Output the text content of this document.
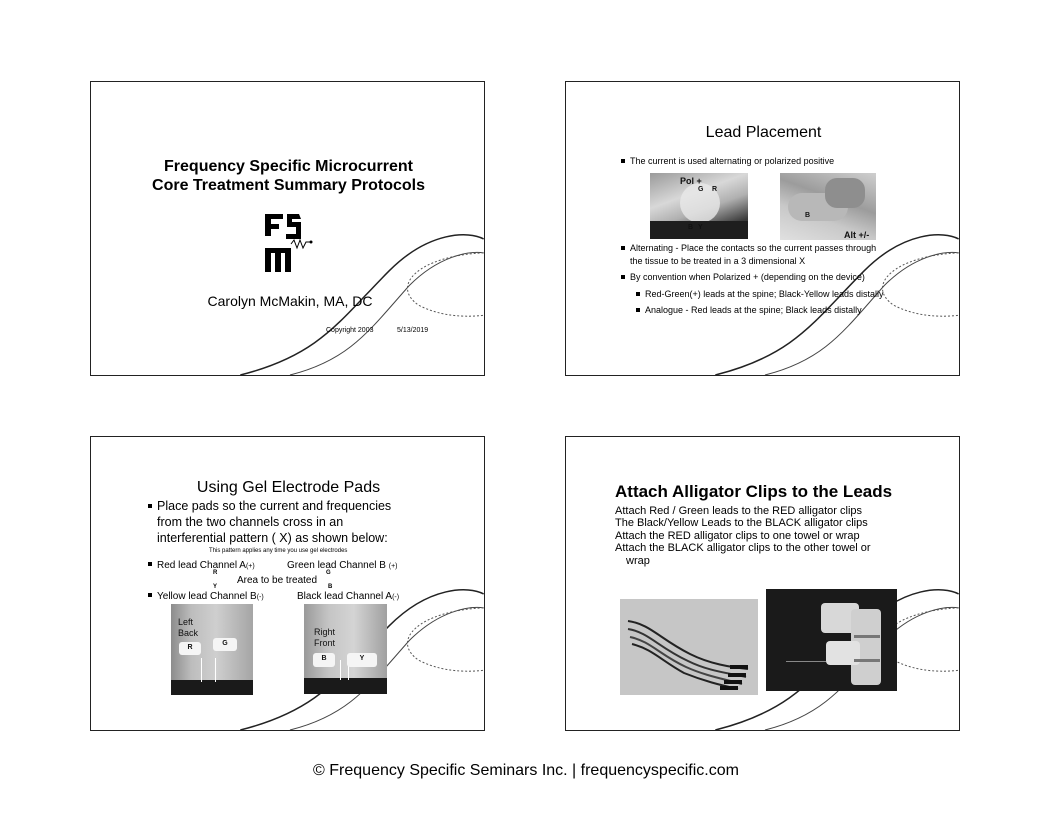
Frequency Specific Microcurrent
Core Treatment Summary Protocols
Carolyn McMakin, MA, DC
Copyright 2003	5/13/2019
Lead Placement
The current is used alternating or polarized positive
Pol +
G R
B Y
B
Alt +/-
Alternating - Place the contacts so the current passes through
the tissue to be treated in a 3 dimensional X
By convention when Polarized + (depending on the device)
Red-Green(+) leads at the spine; Black-Yellow leads distally
Analogue - Red leads at the spine; Black leads distally
Using Gel Electrode Pads
Place pads so the current and frequencies
from the two channels cross in an
interferential pattern ( X) as shown below:
This pattern applies any time you use gel electrodes
Red lead Channel A(+)	Green lead Channel B (+)
R	G
Area to be treated
Y	B
Yellow lead Channel B(-)	Black lead Channel A(-)
Left
Back
R
G
Right
Front
B	Y
Attach Alligator Clips to the Leads
Attach Red / Green leads to the RED alligator clips
The Black/Yellow Leads to the BLACK alligator clips
Attach the RED alligator clips to one towel or wrap
Attach the BLACK alligator clips to the other towel or
wrap
© Frequency Specific Seminars Inc. | frequencyspecific.com
